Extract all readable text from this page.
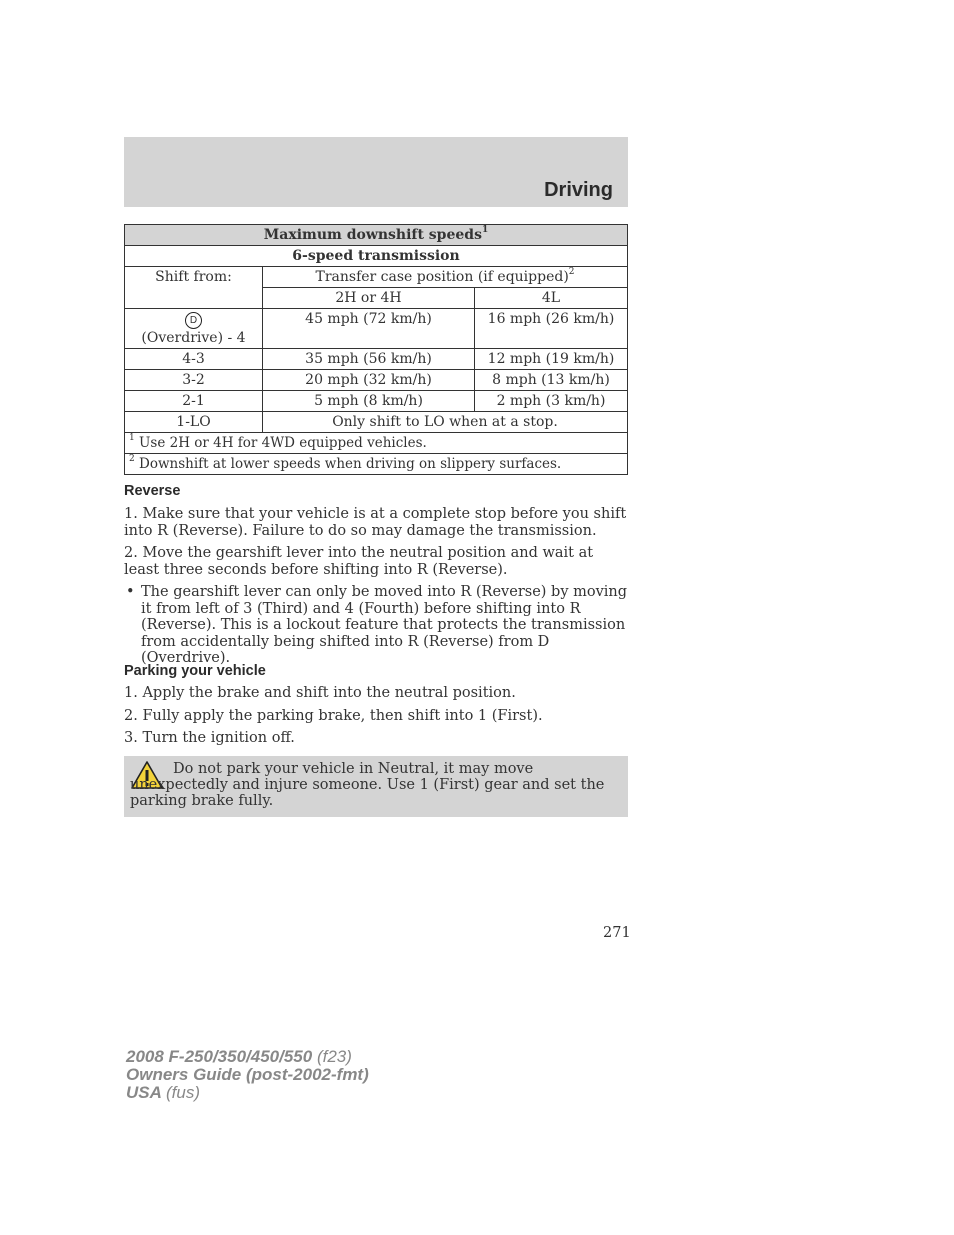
Driving
Maximum downshift speeds$^1$
6-speed transmission		
Shift from:	Transfer case position (if equipped)$^2$
	2H or 4H	4L
D
(Overdrive) - 4	45 mph (72 km/h)	16 mph (26 km/h)
4-3	35 mph (56 km/h)	12 mph (19 km/h)
3-2	20 mph (32 km/h)	8 mph (13 km/h)
2-1	5 mph (8 km/h)	2 mph (3 km/h)
1-LO	Only shift to LO when at a stop.	
$^1$ Use 2H or 4H for 4WD equipped vehicles.		
$^2$ Downshift at lower speeds when driving on slippery surfaces.		
Reverse

1. Make sure that your vehicle is at a complete stop before you shift into R (Reverse). Failure to do so may damage the transmission.

2. Move the gearshift lever into the neutral position and wait at least three seconds before shifting into R (Reverse).

• The gearshift lever can only be moved into R (Reverse) by moving it from left of 3 (Third) and 4 (Fourth) before shifting into R (Reverse). This is a lockout feature that protects the transmission from accidentally being shifted into R (Reverse) from D (Overdrive).
Parking your vehicle

1. Apply the brake and shift into the neutral position.

2. Fully apply the parking brake, then shift into 1 (First).

3. Turn the ignition off.

Do not park your vehicle in Neutral, it may move unexpectedly and injure someone. Use 1 (First) gear and set the parking brake fully.
271
2008 F-250/350/450/550 (f23)
Owners Guide (post-2002-fmt)
USA (fus)
